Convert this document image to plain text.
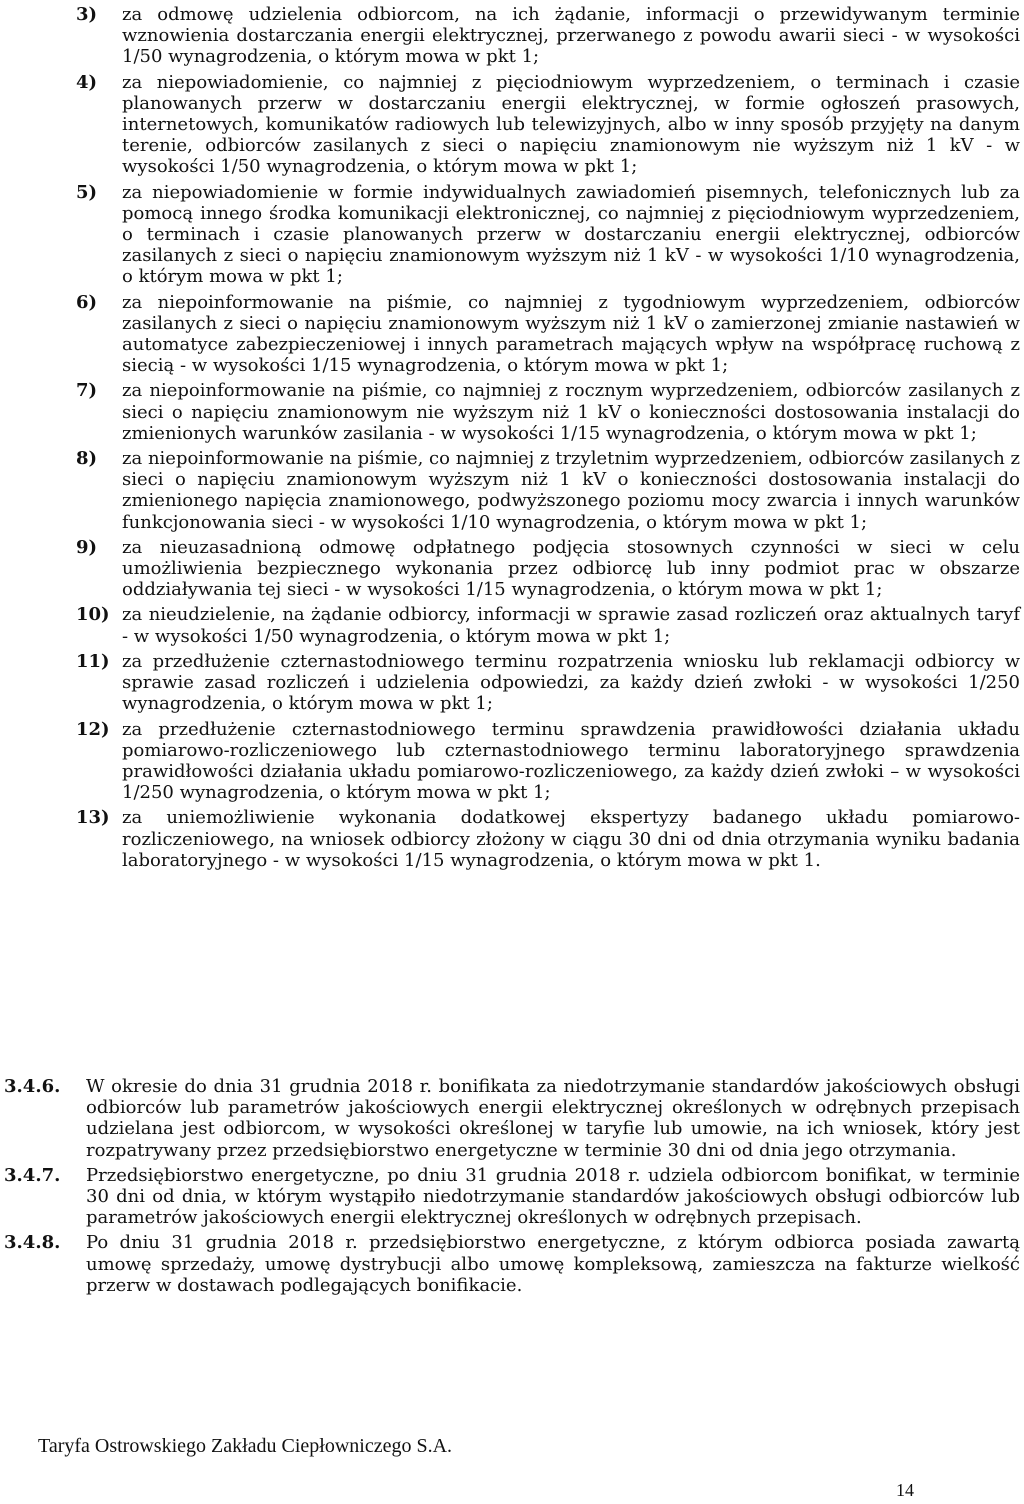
3)	za odmowę udzielenia odbiorcom, na ich żądanie, informacji o przewidywanym terminie wznowienia dostarczania energii elektrycznej, przerwanego z powodu awarii sieci - w wysokości 1/50 wynagrodzenia, o którym mowa w pkt 1;
4)	za niepowiadomienie, co najmniej z pięciodniowym wyprzedzeniem, o terminach i czasie planowanych przerw w dostarczaniu energii elektrycznej, w formie ogłoszeń prasowych, internetowych, komunikatów radiowych lub telewizyjnych, albo w inny sposób przyjęty na danym terenie, odbiorców zasilanych z sieci o napięciu znamionowym nie wyższym niż 1 kV - w wysokości 1/50 wynagrodzenia, o którym mowa w pkt 1;
5)	za niepowiadomienie w formie indywidualnych zawiadomień pisemnych, telefonicznych lub za pomocą innego środka komunikacji elektronicznej, co najmniej z pięciodniowym wyprzedzeniem, o terminach i czasie planowanych przerw w dostarczaniu energii elektrycznej, odbiorców zasilanych z sieci o napięciu znamionowym wyższym niż 1 kV - w wysokości 1/10 wynagrodzenia, o którym mowa w pkt 1;
6)	za niepoinformowanie na piśmie, co najmniej z tygodniowym wyprzedzeniem, odbiorców zasilanych z sieci o napięciu znamionowym wyższym niż 1 kV o zamierzonej zmianie nastawień w automatyce zabezpieczeniowej i innych parametrach mających wpływ na współpracę ruchową z siecią - w wysokości 1/15 wynagrodzenia, o którym mowa w pkt 1;
7)	za niepoinformowanie na piśmie, co najmniej z rocznym wyprzedzeniem, odbiorców zasilanych z sieci o napięciu znamionowym nie wyższym niż 1 kV o konieczności dostosowania instalacji do zmienionych warunków zasilania - w wysokości 1/15 wynagrodzenia, o którym mowa w pkt 1;
8)	za niepoinformowanie na piśmie, co najmniej z trzyletnim wyprzedzeniem, odbiorców zasilanych z sieci o napięciu znamionowym wyższym niż 1 kV o konieczności dostosowania instalacji do zmienionego napięcia znamionowego, podwyższonego poziomu mocy zwarcia i innych warunków funkcjonowania sieci - w wysokości 1/10 wynagrodzenia, o którym mowa w pkt 1;
9)	za nieuzasadnioną odmowę odpłatnego podjęcia stosownych czynności w sieci w celu umożliwienia bezpiecznego wykonania przez odbiorcę lub inny podmiot prac w obszarze oddziaływania tej sieci - w wysokości 1/15 wynagrodzenia, o którym mowa w pkt 1;
10) za nieudzielenie, na żądanie odbiorcy, informacji w sprawie zasad rozliczeń oraz aktualnych taryf - w wysokości 1/50 wynagrodzenia, o którym mowa w pkt 1;
11) za przedłużenie czternastodniowego terminu rozpatrzenia wniosku lub reklamacji odbiorcy w sprawie zasad rozliczeń i udzielenia odpowiedzi, za każdy dzień zwłoki - w wysokości 1/250 wynagrodzenia, o którym mowa w pkt 1;
12) za przedłużenie czternastodniowego terminu sprawdzenia prawidłowości działania układu pomiarowo-rozliczeniowego lub czternastodniowego terminu laboratoryjnego sprawdzenia prawidłowości działania układu pomiarowo-rozliczeniowego, za każdy dzień zwłoki – w wysokości 1/250 wynagrodzenia, o którym mowa w pkt 1;
13) za uniemożliwienie wykonania dodatkowej ekspertyzy badanego układu pomiarowo-rozliczeniowego, na wniosek odbiorcy złożony w ciągu 30 dni od dnia otrzymania wyniku badania laboratoryjnego - w wysokości 1/15 wynagrodzenia, o którym mowa w pkt 1.
3.4.6.	W okresie do dnia 31 grudnia 2018 r. bonifikata za niedotrzymanie standardów jakościowych obsługi odbiorców lub parametrów jakościowych energii elektrycznej określonych w odrębnych przepisach udzielana jest odbiorcom, w wysokości określonej w taryfie lub umowie, na ich wniosek, który jest rozpatrywany przez przedsiębiorstwo energetyczne w terminie 30 dni od dnia jego otrzymania.
3.4.7.	Przedsiębiorstwo energetyczne, po dniu 31 grudnia 2018 r. udziela odbiorcom bonifikat, w terminie 30 dni od dnia, w którym wystąpiło niedotrzymanie standardów jakościowych obsługi odbiorców lub parametrów jakościowych energii elektrycznej określonych w odrębnych przepisach.
3.4.8.	Po dniu 31 grudnia 2018 r. przedsiębiorstwo energetyczne, z którym odbiorca posiada zawartą umowę sprzedaży, umowę dystrybucji albo umowę kompleksową, zamieszcza na fakturze wielkość przerw w dostawach podlegających bonifikacie.
Taryfa Ostrowskiego Zakładu Ciepłowniczego S.A.
14
